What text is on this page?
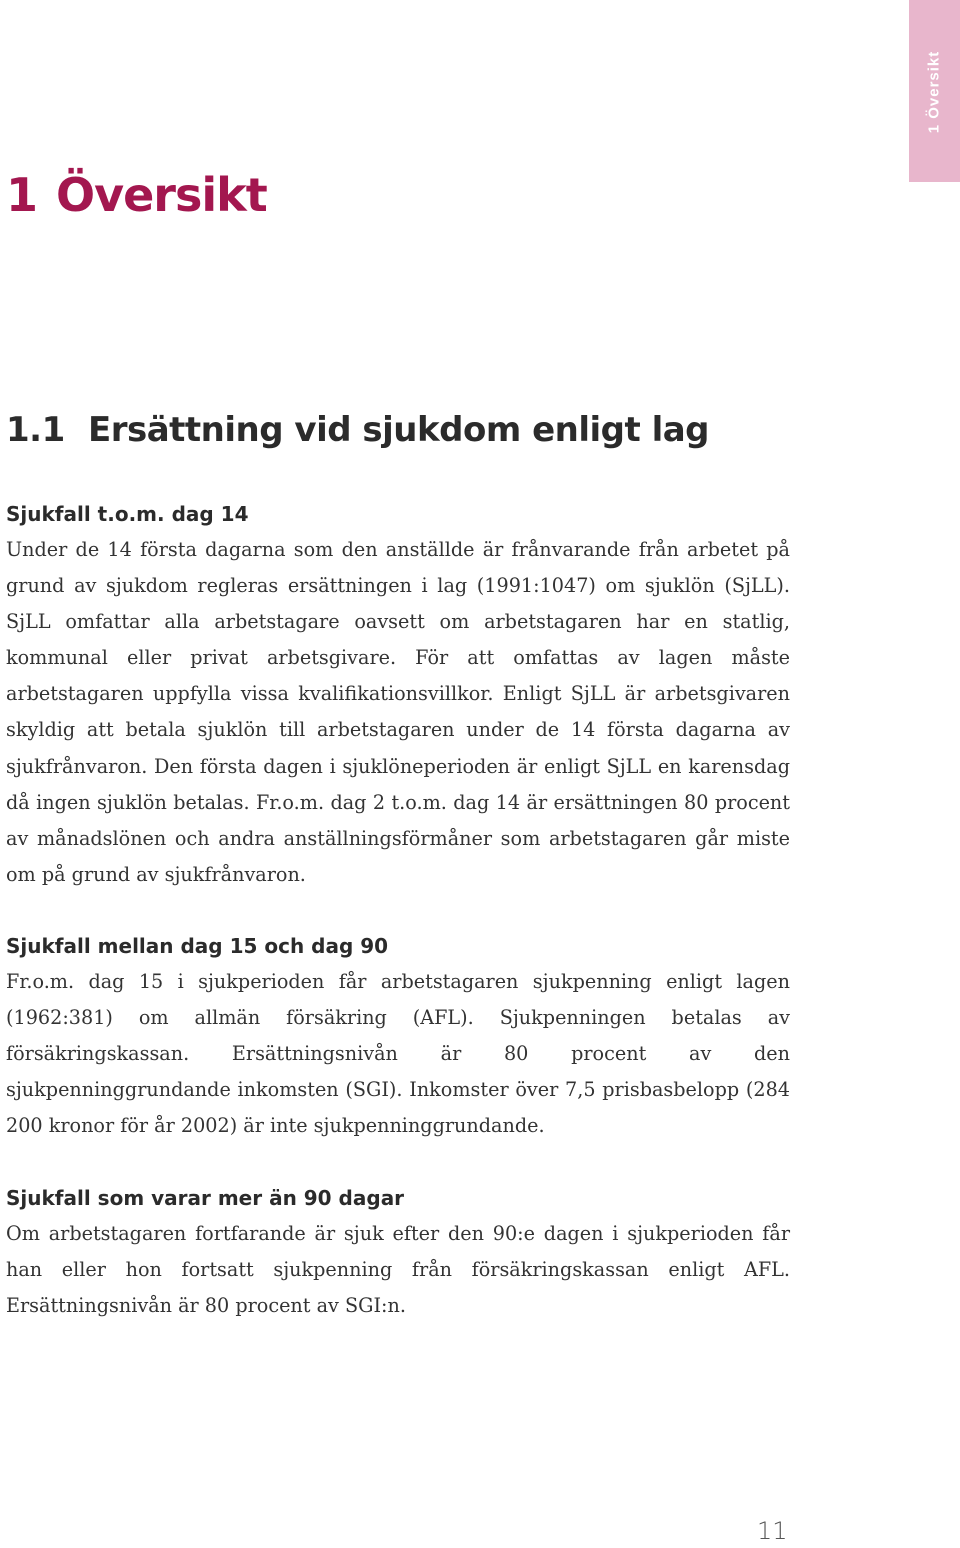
1 Översikt
1 Översikt
1.1 Ersättning vid sjukdom enligt lag
Sjukfall t.o.m. dag 14

Under de 14 första dagarna som den anställde är frånvarande från arbetet på grund av sjukdom regleras ersättningen i lag (1991:1047) om sjuklön (SjLL). SjLL omfattar alla arbetstagare oavsett om arbetstagaren har en statlig, kommunal eller privat arbetsgivare. För att omfattas av lagen måste arbetstagaren uppfylla vissa kvalifikationsvillkor. Enligt SjLL är arbetsgivaren skyldig att betala sjuklön till arbetstagaren under de 14 första dagarna av sjukfrånvaron. Den första dagen i sjuklöneperioden är enligt SjLL en karensdag då ingen sjuklön betalas. Fr.o.m. dag 2 t.o.m. dag 14 är ersättningen 80 procent av månadslönen och andra anställningsförmåner som arbetstagaren går miste om på grund av sjukfrånvaron.

Sjukfall mellan dag 15 och dag 90

Fr.o.m. dag 15 i sjukperioden får arbetstagaren sjukpenning enligt lagen (1962:381) om allmän försäkring (AFL). Sjukpenningen betalas av försäkringskassan. Ersättningsnivån är 80 procent av den sjukpenninggrundande inkomsten (SGI). Inkomster över 7,5 prisbasbelopp (284 200 kronor för år 2002) är inte sjukpenninggrundande.

Sjukfall som varar mer än 90 dagar

Om arbetstagaren fortfarande är sjuk efter den 90:e dagen i sjukperioden får han eller hon fortsatt sjukpenning från försäkringskassan enligt AFL. Ersättningsnivån är 80 procent av SGI:n.

11
